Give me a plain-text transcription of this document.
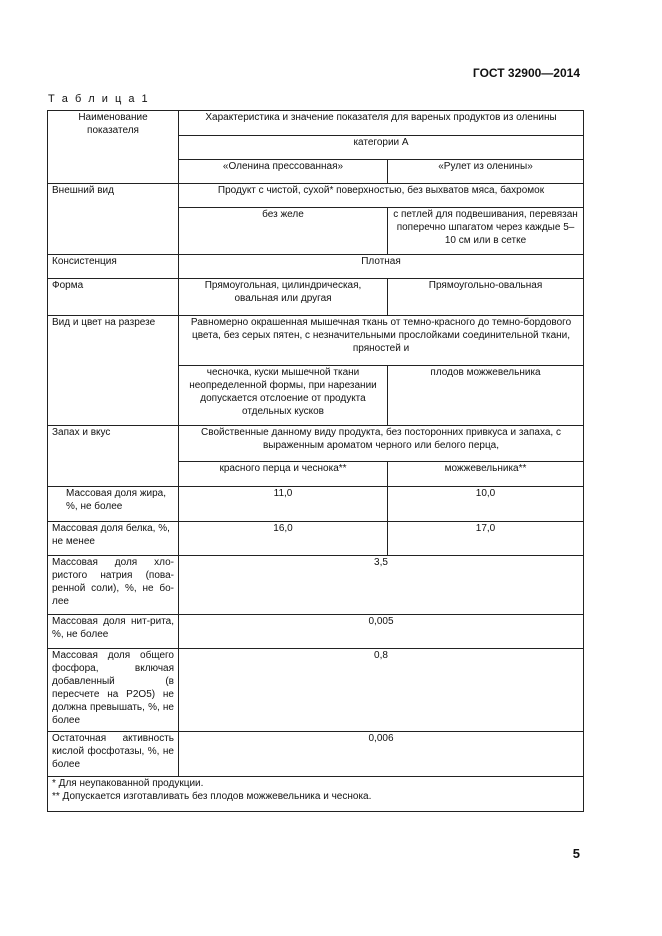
ГОСТ 32900—2014
Т а б л и ц а 1
Наименование показателя	Характеристика и значение показателя для вареных продуктов из оленины	
	категории А	
	«Оленина прессованная»	«Рулет из оленины»
Внешний вид	Продукт с чистой, сухой* поверхностью, без выхватов мяса, бахромок	
	без желе	с петлей для подвешивания, перевязан поперечно шпагатом через каждые 5–10 см или в сетке
Консистенция	Плотная	
Форма	Прямоугольная, цилиндрическая, овальная или другая	Прямоугольно-овальная
Вид и цвет на разрезе	Равномерно окрашенная мышечная ткань от темно-красного до темно-бордового цвета, без серых пятен, с незначительными прослойками соединительной ткани, пряностей и	
	чесночка, куски мышечной ткани неопределенной формы, при нарезании допускается отслоение от продукта отдельных кусков	плодов можжевельника
Запах и вкус	Свойственные данному виду продукта, без посторонних привкуса и запаха, с выраженным ароматом черного или белого перца,	
	красного перца и чеснока**	можжевельника**
Массовая доля жира, %, не более	11,0	10,0
Массовая доля белка, %, не менее	16,0	17,0
Массовая доля хло-ристого натрия (пова-ренной соли), %, не бо-лее	3,5	
Массовая доля нит-рита, %, не более	0,005	
Массовая доля общего фосфора, включая добавленный (в пересчете на P2O5) не должна превышать, %, не более	0,8	
Остаточная активность кислой фосфотазы, %, не более	0,006	

* Для неупакованной продукции.
** Допускается изготавливать без плодов можжевельника и чеснока.		
5
